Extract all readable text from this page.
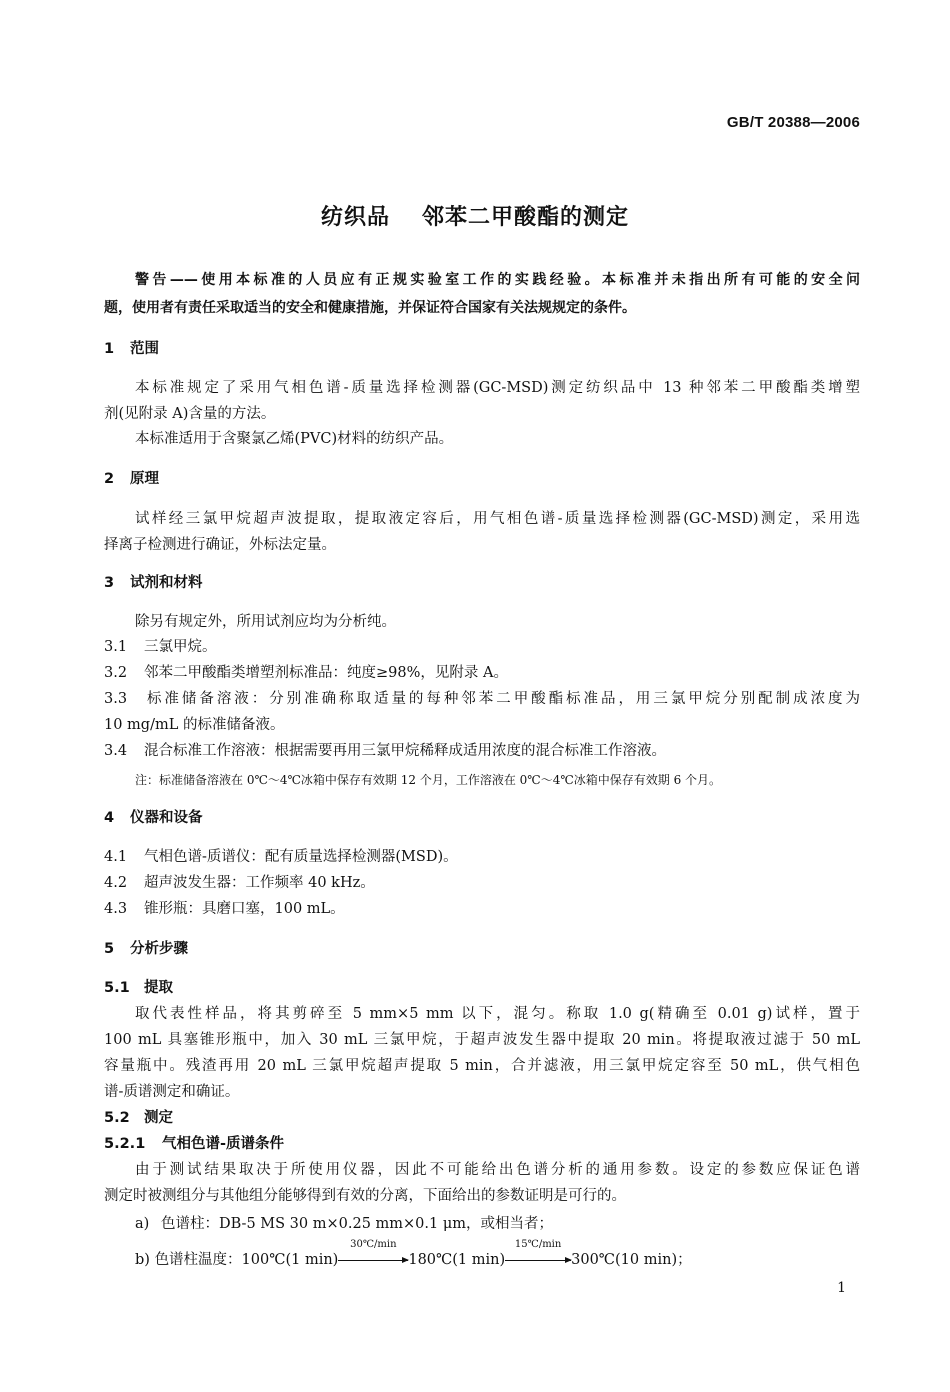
GB/T 20388—2006
纺织品 邻苯二甲酸酯的测定
警告——使用本标准的人员应有正规实验室工作的实践经验。本标准并未指出所有可能的安全问
题，使用者有责任采取适当的安全和健康措施，并保证符合国家有关法规规定的条件。
1 范围
本标准规定了采用气相色谱-质量选择检测器(GC-MSD)测定纺织品中 13 种邻苯二甲酸酯类增塑
剂(见附录 A)含量的方法。
本标准适用于含聚氯乙烯(PVC)材料的纺织产品。
2 原理
试样经三氯甲烷超声波提取，提取液定容后，用气相色谱-质量选择检测器(GC-MSD)测定，采用选
择离子检测进行确证，外标法定量。
3 试剂和材料
除另有规定外，所用试剂应均为分析纯。
3.1 三氯甲烷。
3.2 邻苯二甲酸酯类增塑剂标准品：纯度≥98%，见附录 A。
3.3 标准储备溶液：分别准确称取适量的每种邻苯二甲酸酯标准品，用三氯甲烷分别配制成浓度为
10 mg/mL 的标准储备液。
3.4 混合标准工作溶液：根据需要再用三氯甲烷稀释成适用浓度的混合标准工作溶液。
注：标准储备溶液在 0℃～4℃冰箱中保存有效期 12 个月，工作溶液在 0℃～4℃冰箱中保存有效期 6 个月。
4 仪器和设备
4.1 气相色谱-质谱仪：配有质量选择检测器(MSD)。
4.2 超声波发生器：工作频率 40 kHz。
4.3 锥形瓶：具磨口塞，100 mL。
5 分析步骤
5.1 提取
取代表性样品，将其剪碎至 5 mm×5 mm 以下，混匀。称取 1.0 g(精确至 0.01 g)试样，置于
100 mL 具塞锥形瓶中，加入 30 mL 三氯甲烷，于超声波发生器中提取 20 min。将提取液过滤于 50 mL
容量瓶中。残渣再用 20 mL 三氯甲烷超声提取 5 min，合并滤液，用三氯甲烷定容至 50 mL，供气相色
谱-质谱测定和确证。
5.2 测定
5.2.1 气相色谱-质谱条件
由于测试结果取决于所使用仪器，因此不可能给出色谱分析的通用参数。设定的参数应保证色谱
测定时被测组分与其他组分能够得到有效的分离，下面给出的参数证明是可行的。
a) 色谱柱：DB-5 MS 30 m×0.25 mm×0.1 μm，或相当者；
b) 色谱柱温度：100℃(1 min)
30℃/min
180℃(1 min)
15℃/min
300℃(10 min)；
1
